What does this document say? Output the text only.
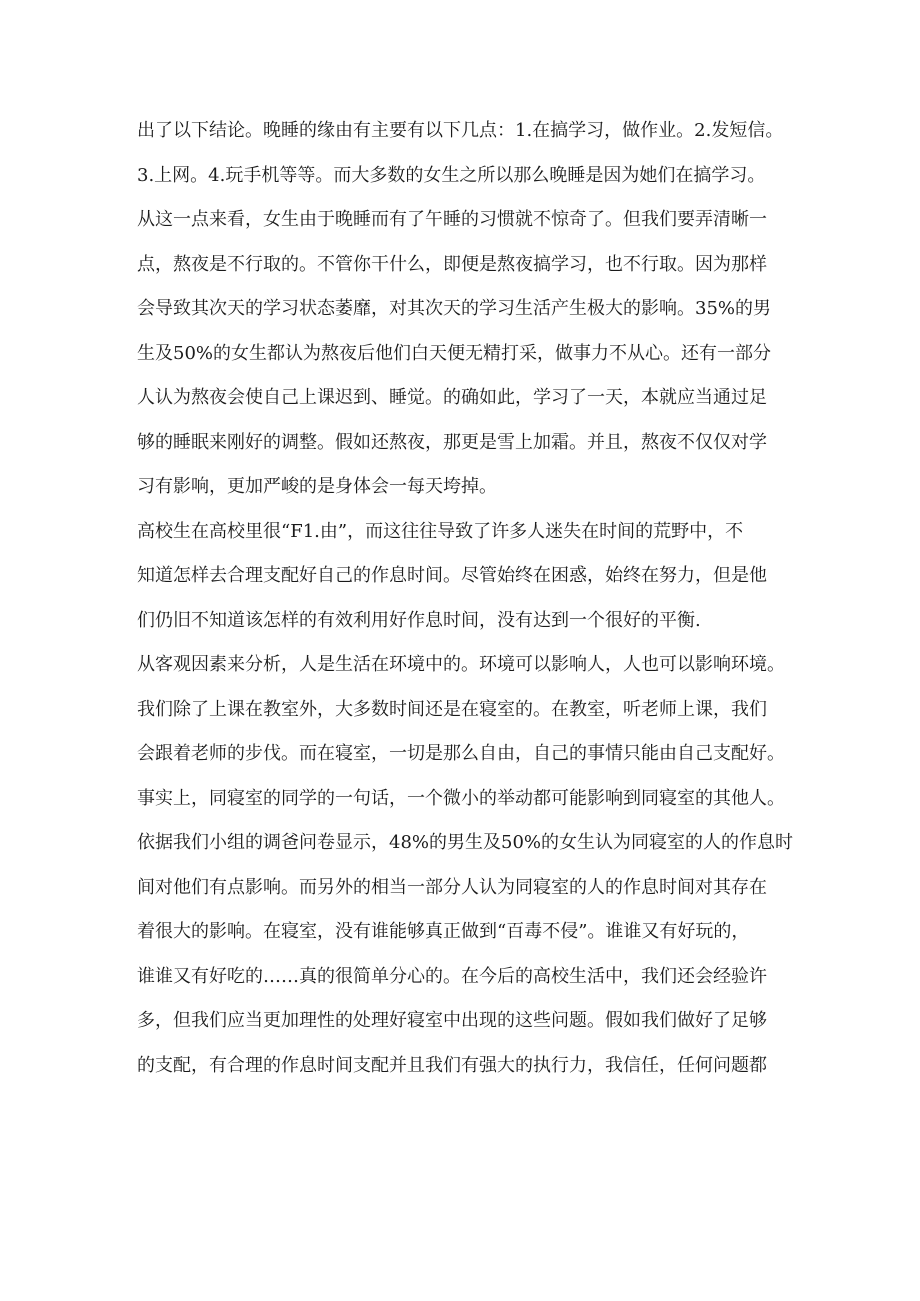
出了以下结论。晚睡的缘由有主要有以下几点：1.在搞学习，做作业。2.发短信。
3.上网。4.玩手机等等。而大多数的女生之所以那么晚睡是因为她们在搞学习。
从这一点来看，女生由于晚睡而有了午睡的习惯就不惊奇了。但我们要弄清晰一
点，熬夜是不行取的。不管你干什么，即便是熬夜搞学习，也不行取。因为那样
会导致其次天的学习状态萎靡，对其次天的学习生活产生极大的影响。35%的男
生及50%的女生都认为熬夜后他们白天便无精打采，做事力不从心。还有一部分
人认为熬夜会使自己上课迟到、睡觉。的确如此，学习了一天，本就应当通过足
够的睡眠来刚好的调整。假如还熬夜，那更是雪上加霜。并且，熬夜不仅仅对学
习有影响，更加严峻的是身体会一每天垮掉。
高校生在高校里很“F1.由”，而这往往导致了许多人迷失在时间的荒野中，不
知道怎样去合理支配好自己的作息时间。尽管始终在困惑，始终在努力，但是他
们仍旧不知道该怎样的有效利用好作息时间，没有达到一个很好的平衡.
从客观因素来分析，人是生活在环境中的。环境可以影响人，人也可以影响环境。
我们除了上课在教室外，大多数时间还是在寝室的。在教室，听老师上课，我们
会跟着老师的步伐。而在寝室，一切是那么自由，自己的事情只能由自己支配好。
事实上，同寝室的同学的一句话，一个微小的举动都可能影响到同寝室的其他人。
依据我们小组的调爸问卷显示，48%的男生及50%的女生认为同寝室的人的作息时
间对他们有点影响。而另外的相当一部分人认为同寝室的人的作息时间对其存在
着很大的影响。在寝室，没有谁能够真正做到“百毒不侵”。谁谁又有好玩的，
谁谁又有好吃的……真的很简单分心的。在今后的高校生活中，我们还会经验许
多，但我们应当更加理性的处理好寝室中出现的这些问题。假如我们做好了足够
的支配，有合理的作息时间支配并且我们有强大的执行力，我信任，任何问题都
